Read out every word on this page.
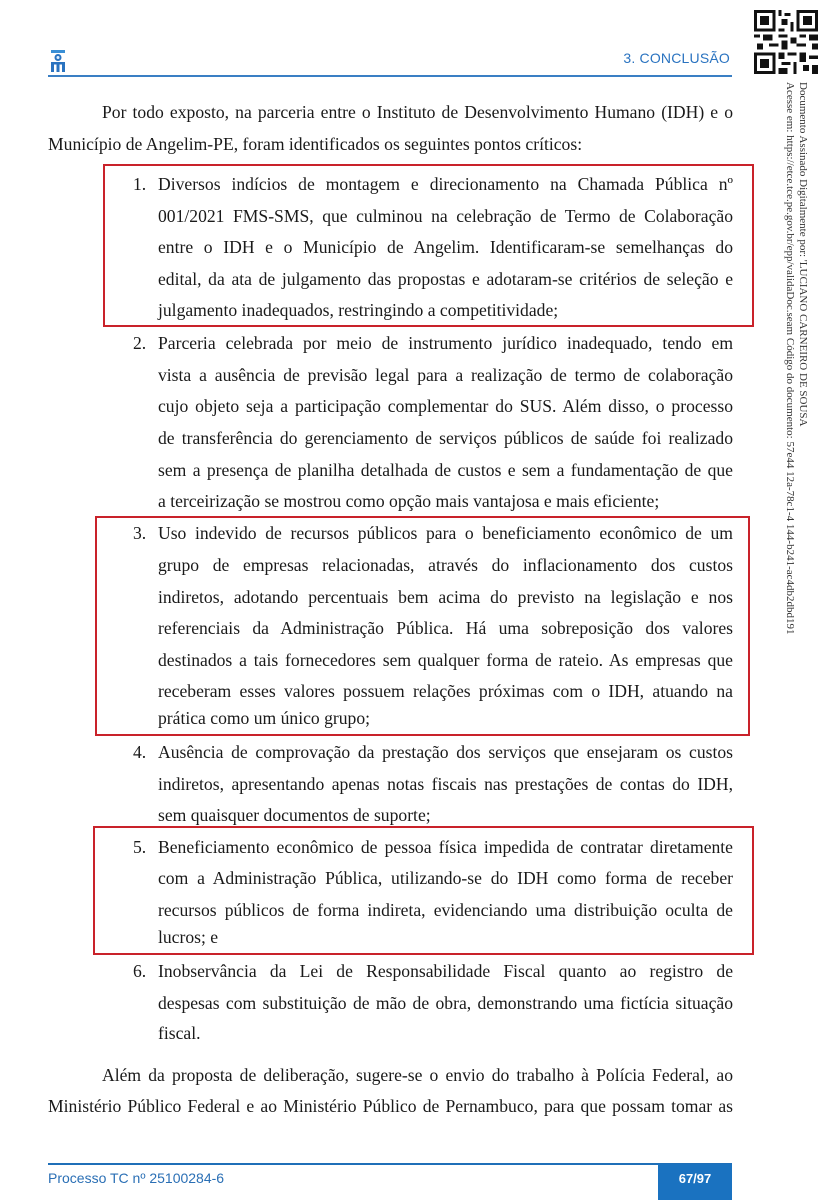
3. CONCLUSÃO
Documento Assinado Digitalmente por: 'LUCIANO CARNEIRO DE SOUSA
Acesse em: https://etce.tce.pe.gov.br/epp/validaDoc.seam Código do documento: 57e44 12a-78c1-4 144-b241-ac4db2dbd191
Por todo exposto, na parceria entre o Instituto de Desenvolvimento Humano (IDH) e o
Município de Angelim-PE, foram identificados os seguintes pontos críticos:
1. Diversos indícios de montagem e direcionamento na Chamada Pública nº
001/2021 FMS-SMS, que culminou na celebração de Termo de Colaboração
entre o IDH e o Município de Angelim. Identificaram-se semelhanças do
edital, da ata de julgamento das propostas e adotaram-se critérios de seleção e
julgamento inadequados, restringindo a competitividade;
2. Parceria celebrada por meio de instrumento jurídico inadequado, tendo em
vista a ausência de previsão legal para a realização de termo de colaboração
cujo objeto seja a participação complementar do SUS. Além disso, o processo
de transferência do gerenciamento de serviços públicos de saúde foi realizado
sem a presença de planilha detalhada de custos e sem a fundamentação de que
a terceirização se mostrou como opção mais vantajosa e mais eficiente;
3. Uso indevido de recursos públicos para o beneficiamento econômico de um
grupo de empresas relacionadas, através do inflacionamento dos custos
indiretos, adotando percentuais bem acima do previsto na legislação e nos
referenciais da Administração Pública. Há uma sobreposição dos valores
destinados a tais fornecedores sem qualquer forma de rateio. As empresas que
receberam esses valores possuem relações próximas com o IDH, atuando na
prática como um único grupo;
4. Ausência de comprovação da prestação dos serviços que ensejaram os custos
indiretos, apresentando apenas notas fiscais nas prestações de contas do IDH,
sem quaisquer documentos de suporte;
5. Beneficiamento econômico de pessoa física impedida de contratar diretamente
com a Administração Pública, utilizando-se do IDH como forma de receber
recursos públicos de forma indireta, evidenciando uma distribuição oculta de
lucros; e
6. Inobservância da Lei de Responsabilidade Fiscal quanto ao registro de
despesas com substituição de mão de obra, demonstrando uma fictícia situação
fiscal.
Além da proposta de deliberação, sugere-se o envio do trabalho à Polícia Federal, ao
Ministério Público Federal e ao Ministério Público de Pernambuco, para que possam tomar as
Processo TC nº 25100284-6	67/97
